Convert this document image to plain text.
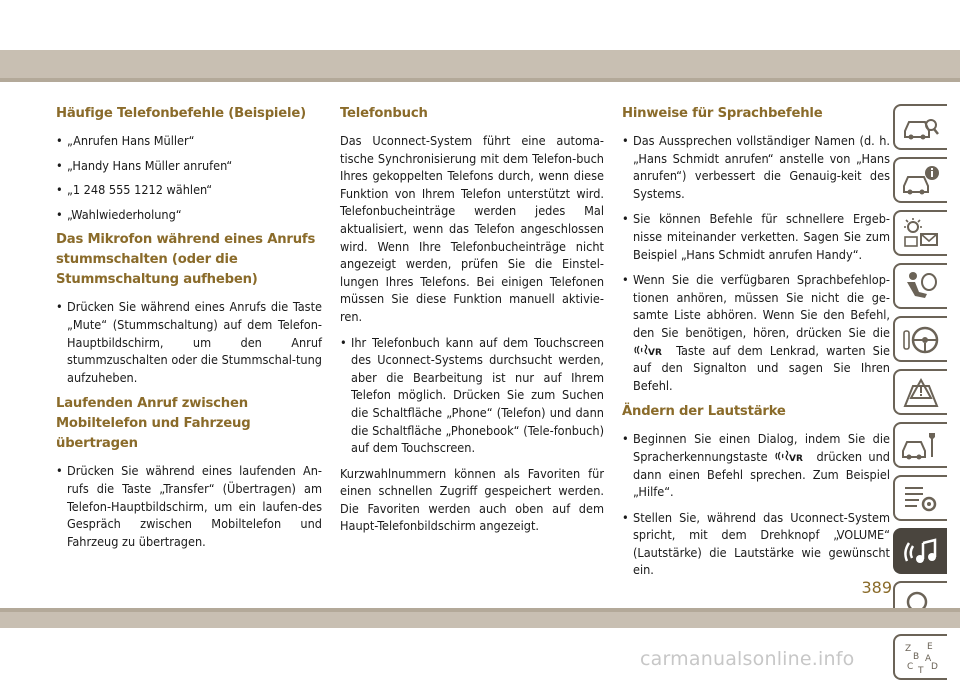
Häufige Telefonbefehle (Beispiele)
• „Anrufen Hans Müller“
• „Handy Hans Müller anrufen“
• „1 248 555 1212 wählen“
• „Wahlwiederholung“
Das Mikrofon während eines Anrufs stummschalten (oder die Stummschaltung aufheben)
• Drücken Sie während eines Anrufs die Taste „Mute“ (Stummschaltung) auf dem Telefon-Hauptbildschirm, um den Anruf stummzuschalten oder die Stummschal-tung aufzuheben.
Laufenden Anruf zwischen Mobiltelefon und Fahrzeug übertragen
• Drücken Sie während eines laufenden An-rufs die Taste „Transfer“ (Übertragen) am Telefon-Hauptbildschirm, um ein laufen-des Gespräch zwischen Mobiltelefon und Fahrzeug zu übertragen.
Telefonbuch

Das Uconnect-System führt eine automa-tische Synchronisierung mit dem Telefon-buch Ihres gekoppelten Telefons durch, wenn diese Funktion von Ihrem Telefon unterstützt wird. Telefonbucheinträge werden jedes Mal aktualisiert, wenn das Telefon angeschlossen wird. Wenn Ihre Telefonbucheinträge nicht angezeigt werden, prüfen Sie die Einstel-lungen Ihres Telefons. Bei einigen Telefonen müssen Sie diese Funktion manuell aktivie-ren.

• Ihr Telefonbuch kann auf dem Touchscreen des Uconnect-Systems durchsucht werden, aber die Bearbeitung ist nur auf Ihrem Telefon möglich. Drücken Sie zum Suchen die Schaltfläche „Phone“ (Telefon) und dann die Schaltfläche „Phonebook“ (Tele-fonbuch) auf dem Touchscreen.

Kurzwahlnummern können als Favoriten für einen schnellen Zugriff gespeichert werden. Die Favoriten werden auch oben auf dem Haupt-Telefonbildschirm angezeigt.

Hinweise für Sprachbefehle
• Das Aussprechen vollständiger Namen (d. h. „Hans Schmidt anrufen“ anstelle von „Hans anrufen“) verbessert die Genauig-keit des Systems.
• Sie können Befehle für schnellere Ergeb-nisse miteinander verketten. Sagen Sie zum Beispiel „Hans Schmidt anrufen Handy“.
• Wenn Sie die verfügbaren Sprachbefehlop-tionen anhören, müssen Sie nicht die ge-samte Liste abhören. Wenn Sie den Befehl, den Sie benötigen, hören, drücken Sie die
VR Taste auf dem Lenkrad, warten Sie auf den Signalton und sagen Sie Ihren Befehl.
Ändern der Lautstärke
• Beginnen Sie einen Dialog, indem Sie die Spracherkennungstaste VR drücken und dann einen Befehl sprechen. Zum Beispiel „Hilfe“.
• Stellen Sie, während das Uconnect-System spricht, mit dem Drehknopf „VOLUME“ (Lautstärke) die Lautstärke wie gewünscht ein.
Z E
B A
C D
T
389
carmanualsonline.info
